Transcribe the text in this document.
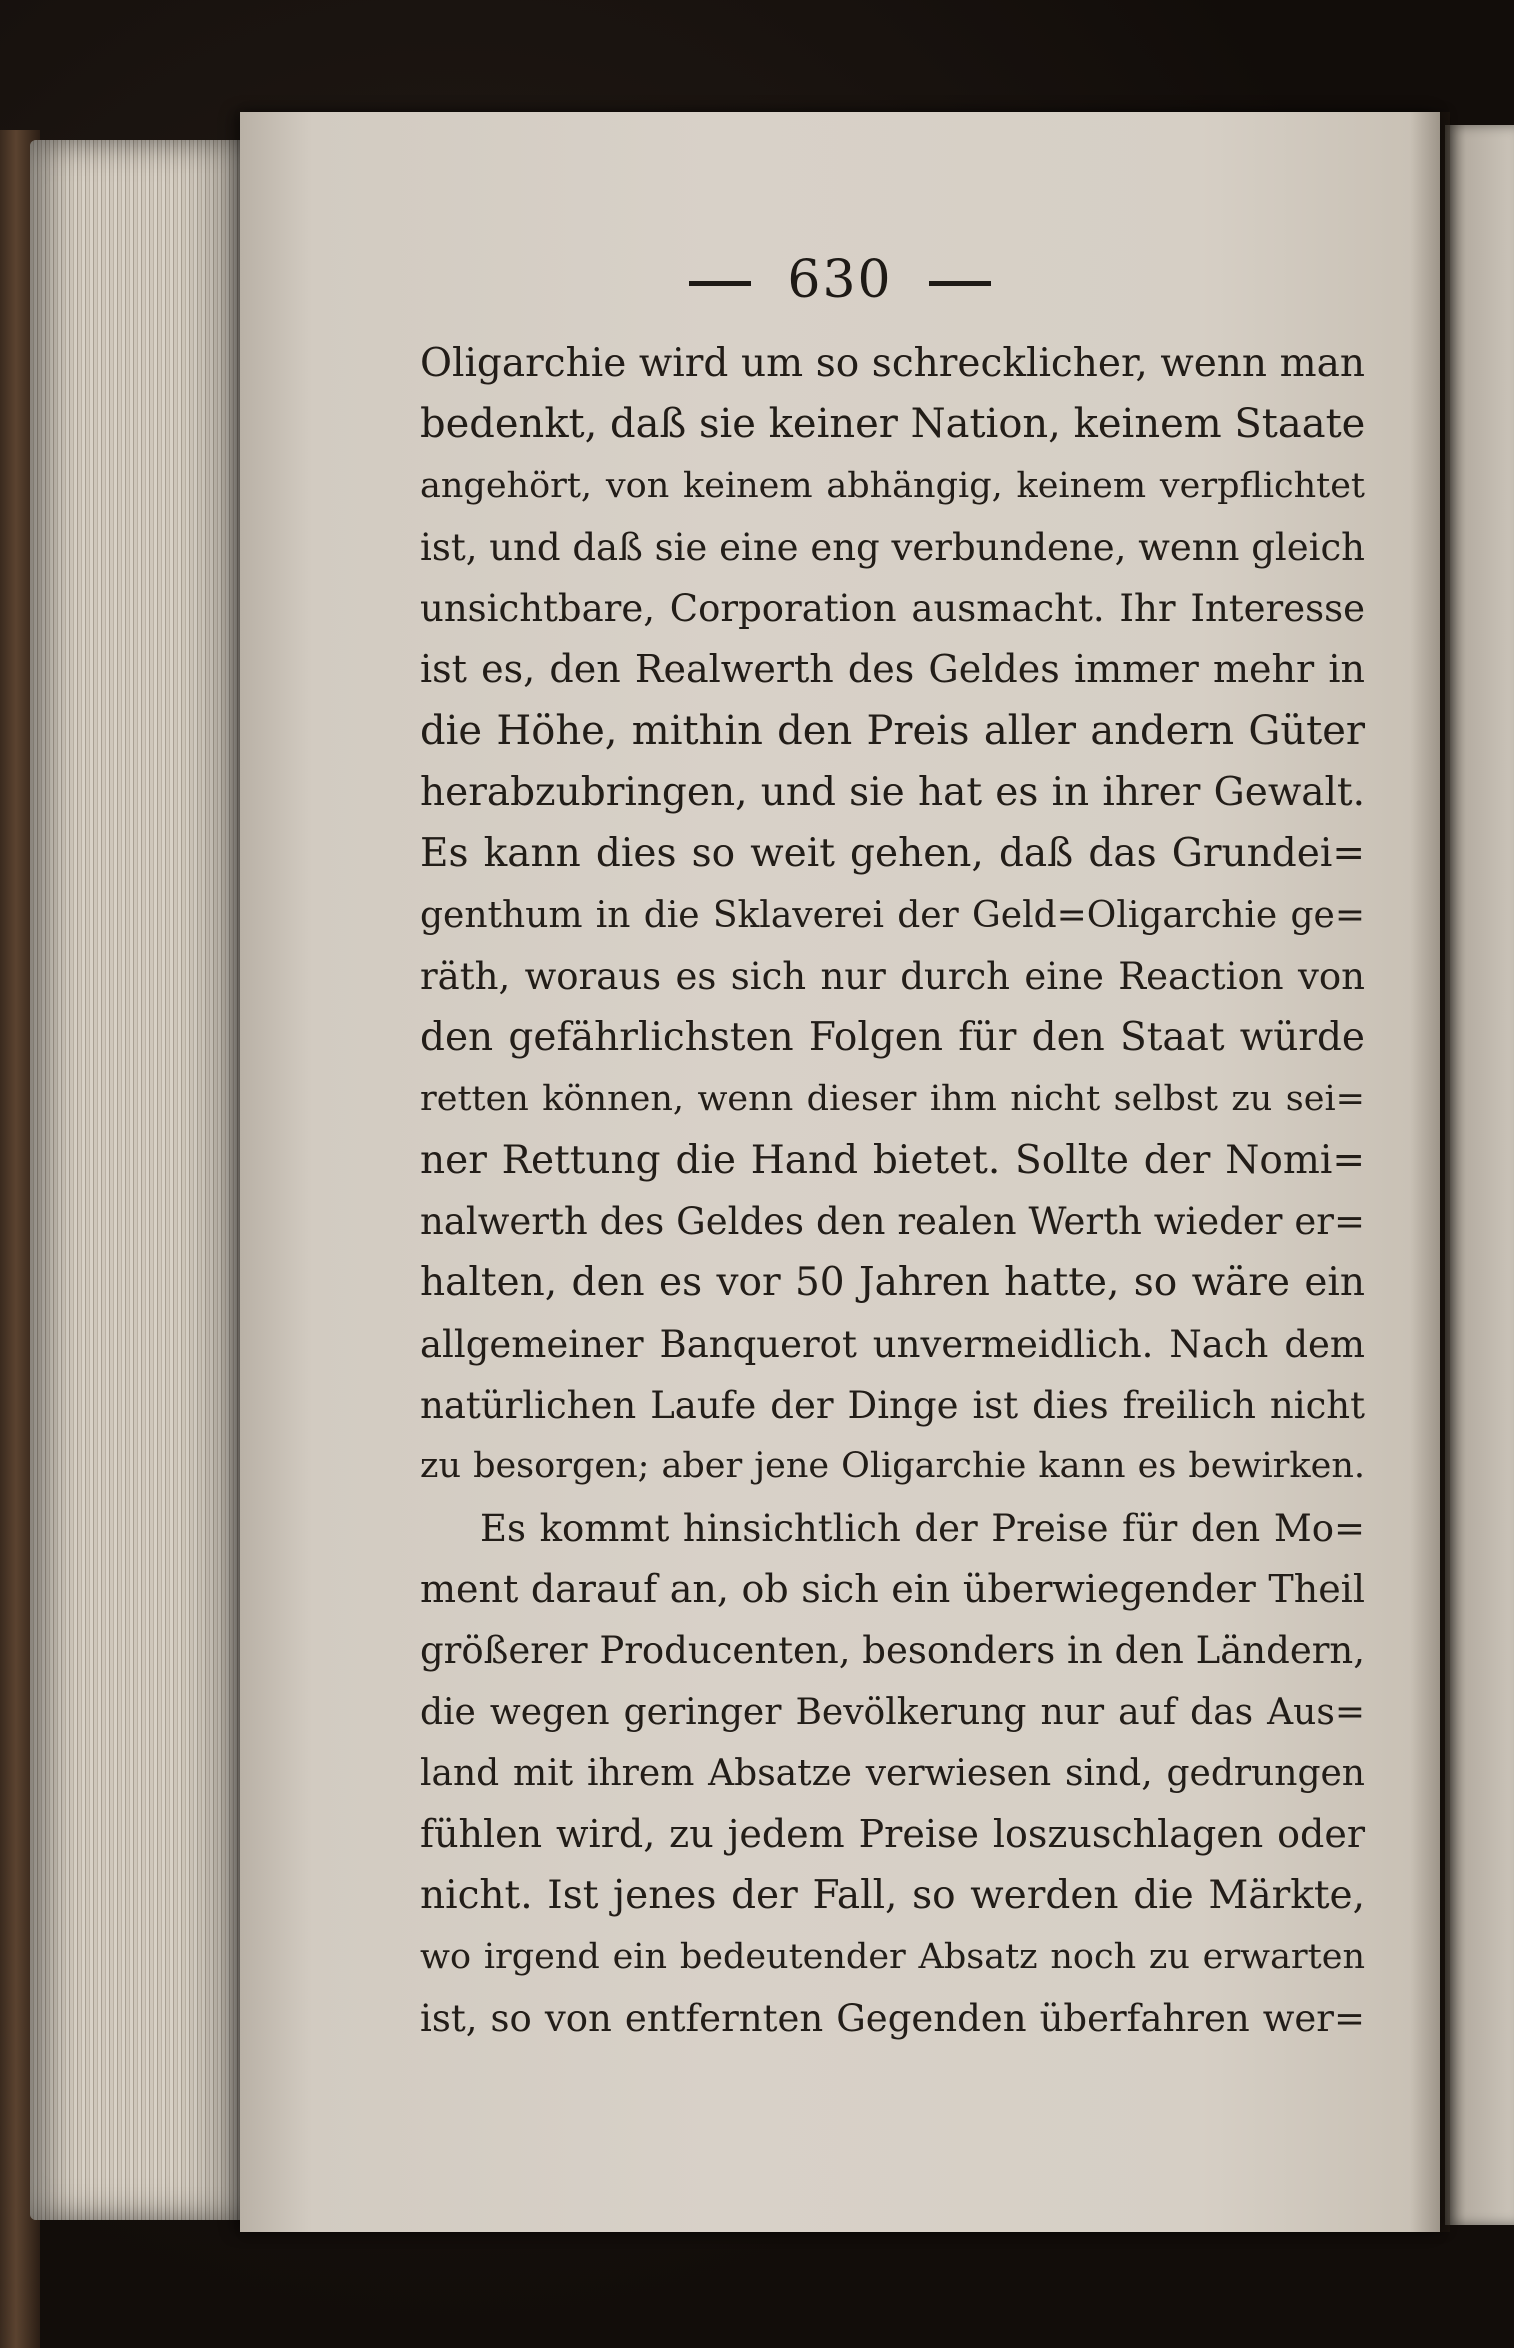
630
Oligarchie wird um so schrecklicher, wenn man
bedenkt, daß sie keiner Nation, keinem Staate
angehört, von keinem abhängig, keinem verpflichtet
ist, und daß sie eine eng verbundene, wenn gleich
unsichtbare, Corporation ausmacht. Ihr Interesse
ist es, den Realwerth des Geldes immer mehr in
die Höhe, mithin den Preis aller andern Güter
herabzubringen, und sie hat es in ihrer Gewalt.
Es kann dies so weit gehen, daß das Grundei=
genthum in die Sklaverei der Geld=Oligarchie ge=
räth, woraus es sich nur durch eine Reaction von
den gefährlichsten Folgen für den Staat würde
retten können, wenn dieser ihm nicht selbst zu sei=
ner Rettung die Hand bietet. Sollte der Nomi=
nalwerth des Geldes den realen Werth wieder er=
halten, den es vor 50 Jahren hatte, so wäre ein
allgemeiner Banquerot unvermeidlich. Nach dem
natürlichen Laufe der Dinge ist dies freilich nicht
zu besorgen; aber jene Oligarchie kann es bewirken.
Es kommt hinsichtlich der Preise für den Mo=
ment darauf an, ob sich ein überwiegender Theil
größerer Producenten, besonders in den Ländern,
die wegen geringer Bevölkerung nur auf das Aus=
land mit ihrem Absatze verwiesen sind, gedrungen
fühlen wird, zu jedem Preise loszuschlagen oder
nicht. Ist jenes der Fall, so werden die Märkte,
wo irgend ein bedeutender Absatz noch zu erwarten
ist, so von entfernten Gegenden überfahren wer=
